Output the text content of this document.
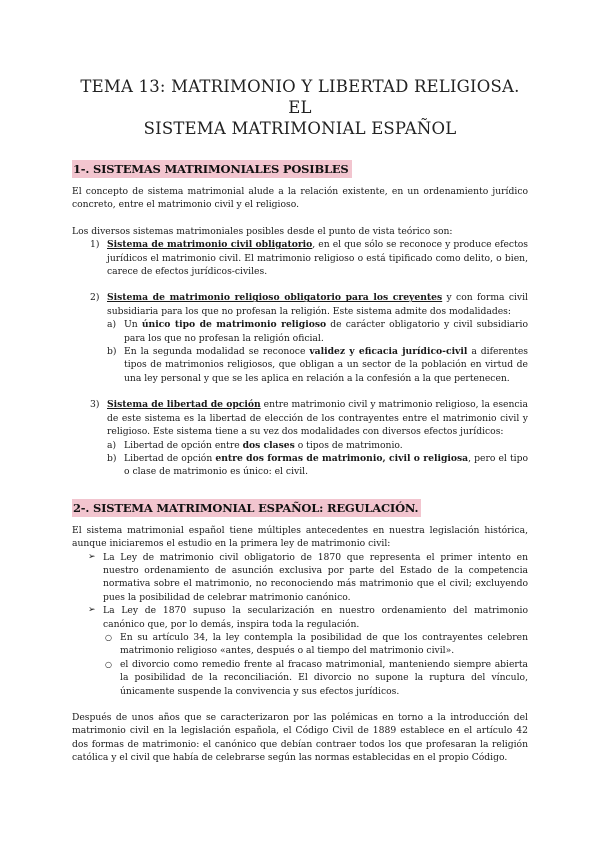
TEMA 13: MATRIMONIO Y LIBERTAD RELIGIOSA. EL
SISTEMA MATRIMONIAL ESPAÑOL
1-. SISTEMAS MATRIMONIALES POSIBLES

El concepto de sistema matrimonial alude a la relación existente, en un ordenamiento jurídico concreto, entre el matrimonio civil y el religioso.

Los diversos sistemas matrimoniales posibles desde el punto de vista teórico son:

1) Sistema de matrimonio civil obligatorio, en el que sólo se reconoce y produce efectos jurídicos el matrimonio civil. El matrimonio religioso o está tipificado como delito, o bien, carece de efectos jurídicos-civiles.
2) Sistema de matrimonio religioso obligatorio para los creyentes y con forma civil subsidiaria para los que no profesan la religión. Este sistema admite dos modalidades:
a) Un único tipo de matrimonio religioso de carácter obligatorio y civil subsidiario para los que no profesan la religión oficial.
b) En la segunda modalidad se reconoce validez y eficacia jurídico-civil a diferentes tipos de matrimonios religiosos, que obligan a un sector de la población en virtud de una ley personal y que se les aplica en relación a la confesión a la que pertenecen.
3) Sistema de libertad de opción entre matrimonio civil y matrimonio religioso, la esencia de este sistema es la libertad de elección de los contrayentes entre el matrimonio civil y religioso. Este sistema tiene a su vez dos modalidades con diversos efectos jurídicos:
a) Libertad de opción entre dos clases o tipos de matrimonio.
b) Libertad de opción entre dos formas de matrimonio, civil o religiosa, pero el tipo o clase de matrimonio es único: el civil.
2-. SISTEMA MATRIMONIAL ESPAÑOL: REGULACIÓN.

El sistema matrimonial español tiene múltiples antecedentes en nuestra legislación histórica, aunque iniciaremos el estudio en la primera ley de matrimonio civil:

➢ La Ley de matrimonio civil obligatorio de 1870 que representa el primer intento en nuestro ordenamiento de asunción exclusiva por parte del Estado de la competencia normativa sobre el matrimonio, no reconociendo más matrimonio que el civil; excluyendo pues la posibilidad de celebrar matrimonio canónico.
➢ La Ley de 1870 supuso la secularización en nuestro ordenamiento del matrimonio canónico que, por lo demás, inspira toda la regulación.
○ En su artículo 34, la ley contempla la posibilidad de que los contrayentes celebren matrimonio religioso «antes, después o al tiempo del matrimonio civil».
○ el divorcio como remedio frente al fracaso matrimonial, manteniendo siempre abierta la posibilidad de la reconciliación. El divorcio no supone la ruptura del vínculo, únicamente suspende la convivencia y sus efectos jurídicos.

Después de unos años que se caracterizaron por las polémicas en torno a la introducción del matrimonio civil en la legislación española, el Código Civil de 1889 establece en el artículo 42 dos formas de matrimonio: el canónico que debían contraer todos los que profesaran la religión católica y el civil que había de celebrarse según las normas establecidas en el propio Código.
